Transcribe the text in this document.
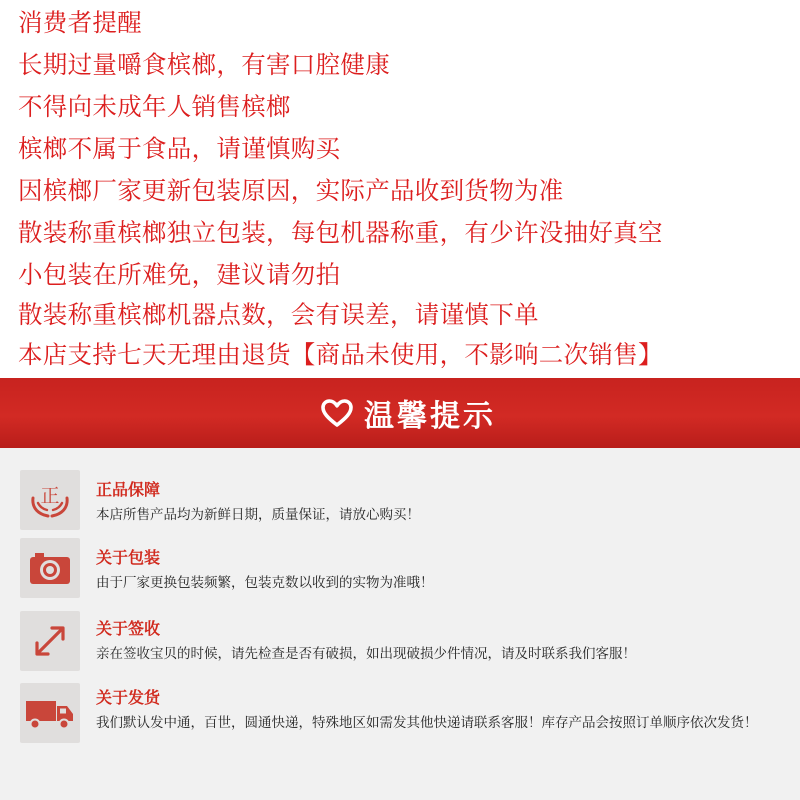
消费者提醒
长期过量嚼食槟榔，有害口腔健康
不得向未成年人销售槟榔
槟榔不属于食品，请谨慎购买
因槟榔厂家更新包装原因，实际产品收到货物为准
散装称重槟榔独立包装，每包机器称重，有少许没抽好真空
小包装在所难免，建议请勿拍
散装称重槟榔机器点数，会有误差，请谨慎下单
本店支持七天无理由退货【商品未使用，不影响二次销售】
温馨提示
正 正品保障
本店所售产品均为新鲜日期，质量保证，请放心购买！
关于包装
由于厂家更换包装频繁，包装克数以收到的实物为准哦！
关于签收
亲在签收宝贝的时候，请先检查是否有破损，如出现破损少件情况，请及时联系我们客服！
关于发货
我们默认发中通，百世，圆通快递，特殊地区如需发其他快递请联系客服！库存产品会按照订单顺序依次发货！
